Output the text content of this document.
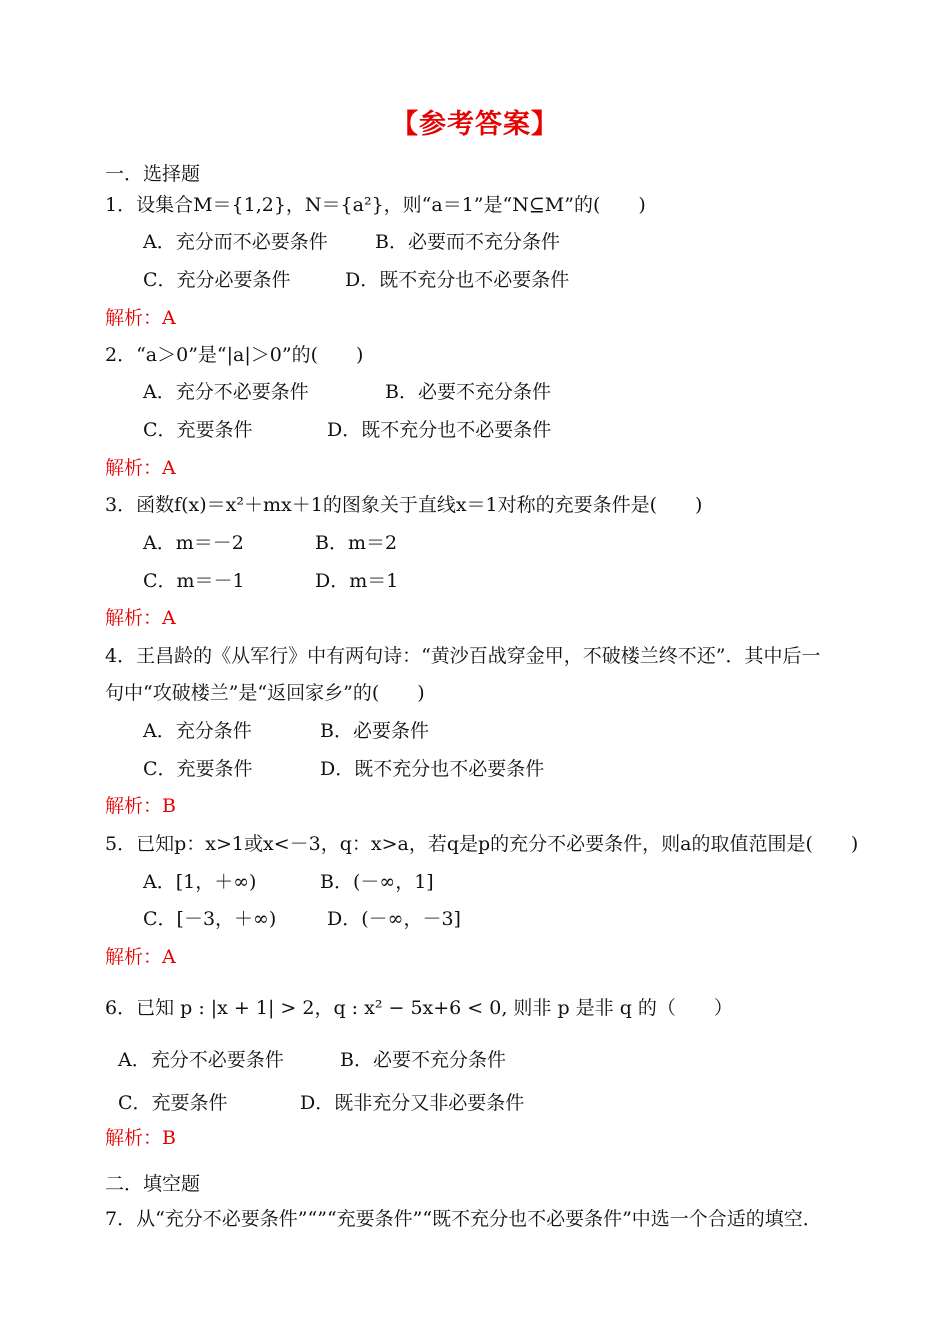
【参考答案】
一．选择题
1．设集合M＝{1,2}，N＝{a²}，则“a＝1”是“N⊆M”的(　　)
A．充分而不必要条件 B．必要而不充分条件
C．充分必要条件	D．既不充分也不必要条件
解析：A
2．“a＞0”是“|a|＞0”的(　　)
A．充分不必要条件	B．必要不充分条件
C．充要条件	D．既不充分也不必要条件
解析：A
3．函数f(x)＝x²＋mx＋1的图象关于直线x＝1对称的充要条件是(　　)
A．m＝－2	B．m＝2
C．m＝－1	D．m＝1
解析：A
4．王昌龄的《从军行》中有两句诗：“黄沙百战穿金甲，不破楼兰终不还”．其中后一
句中“攻破楼兰”是“返回家乡”的(　　)
A．充分条件	B．必要条件
C．充要条件	D．既不充分也不必要条件
解析：B
5．已知p：x>1或x<－3，q：x>a，若q是p的充分不必要条件，则a的取值范围是(　　)
A．[1，＋∞)	B．(－∞，1]
C．[－3，＋∞)	D．(－∞，－3]
解析：A
6．已知 p : |x + 1| > 2，q : x² − 5x+6 < 0, 则非 p 是非 q 的（　　）
A．充分不必要条件	B．必要不充分条件
C．充要条件	D．既非充分又非必要条件
解析：B
二．填空题
7．从“充分不必要条件”“”“充要条件”“既不充分也不必要条件”中选一个合适的填空．
